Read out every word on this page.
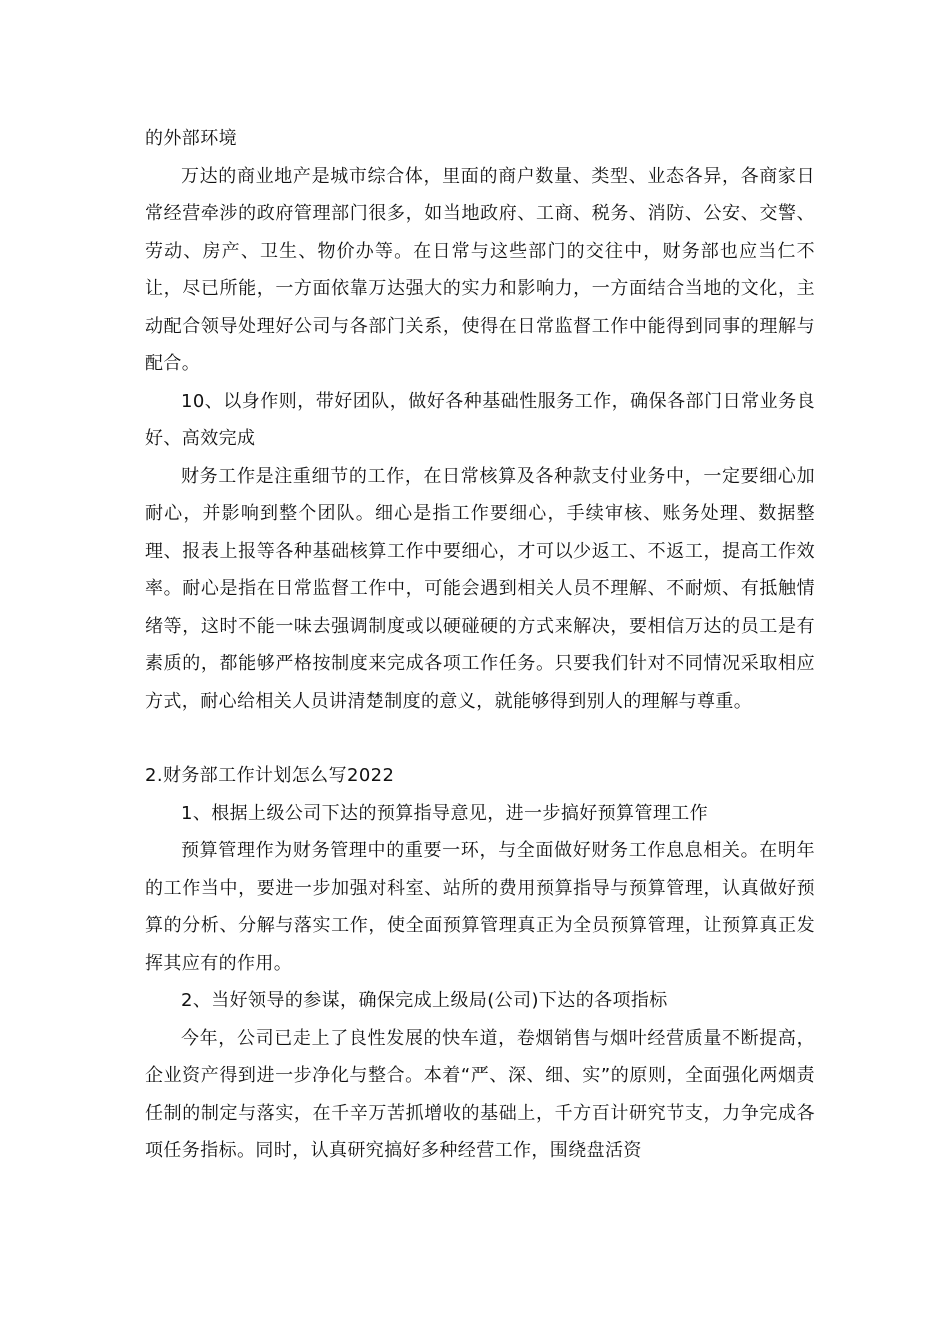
的外部环境

万达的商业地产是城市综合体，里面的商户数量、类型、业态各异，各商家日常经营牵涉的政府管理部门很多，如当地政府、工商、税务、消防、公安、交警、劳动、房产、卫生、物价办等。在日常与这些部门的交往中，财务部也应当仁不让，尽已所能，一方面依靠万达强大的实力和影响力，一方面结合当地的文化，主动配合领导处理好公司与各部门关系，使得在日常监督工作中能得到同事的理解与配合。

10、以身作则，带好团队，做好各种基础性服务工作，确保各部门日常业务良好、高效完成

财务工作是注重细节的工作，在日常核算及各种款支付业务中，一定要细心加耐心，并影响到整个团队。细心是指工作要细心，手续审核、账务处理、数据整理、报表上报等各种基础核算工作中要细心，才可以少返工、不返工，提高工作效率。耐心是指在日常监督工作中，可能会遇到相关人员不理解、不耐烦、有抵触情绪等，这时不能一味去强调制度或以硬碰硬的方式来解决，要相信万达的员工是有素质的，都能够严格按制度来完成各项工作任务。只要我们针对不同情况采取相应方式，耐心给相关人员讲清楚制度的意义，就能够得到别人的理解与尊重。

2.财务部工作计划怎么写2022

1、根据上级公司下达的预算指导意见，进一步搞好预算管理工作

预算管理作为财务管理中的重要一环，与全面做好财务工作息息相关。在明年的工作当中，要进一步加强对科室、站所的费用预算指导与预算管理，认真做好预算的分析、分解与落实工作，使全面预算管理真正为全员预算管理，让预算真正发挥其应有的作用。

2、当好领导的参谋，确保完成上级局(公司)下达的各项指标

今年，公司已走上了良性发展的快车道，卷烟销售与烟叶经营质量不断提高，企业资产得到进一步净化与整合。本着“严、深、细、实”的原则，全面强化两烟责任制的制定与落实，在千辛万苦抓增收的基础上，千方百计研究节支，力争完成各项任务指标。同时，认真研究搞好多种经营工作，围绕盘活资
